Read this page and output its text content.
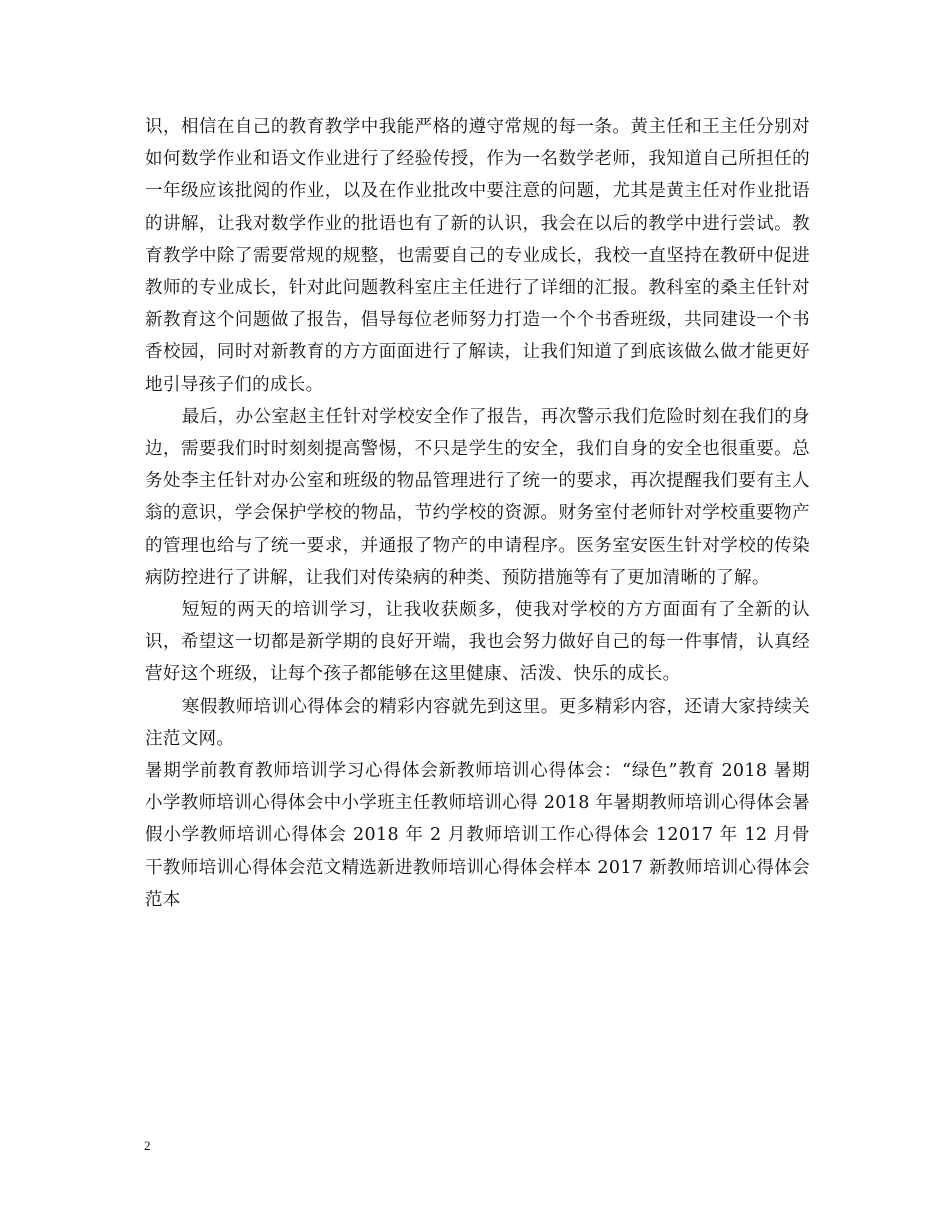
识，相信在自己的教育教学中我能严格的遵守常规的每一条。黄主任和王主任分别对如何数学作业和语文作业进行了经验传授，作为一名数学老师，我知道自己所担任的一年级应该批阅的作业，以及在作业批改中要注意的问题，尤其是黄主任对作业批语的讲解，让我对数学作业的批语也有了新的认识，我会在以后的教学中进行尝试。教育教学中除了需要常规的规整，也需要自己的专业成长，我校一直坚持在教研中促进教师的专业成长，针对此问题教科室庄主任进行了详细的汇报。教科室的桑主任针对新教育这个问题做了报告，倡导每位老师努力打造一个个书香班级，共同建设一个书香校园，同时对新教育的方方面面进行了解读，让我们知道了到底该做么做才能更好地引导孩子们的成长。

最后，办公室赵主任针对学校安全作了报告，再次警示我们危险时刻在我们的身边，需要我们时时刻刻提高警惕，不只是学生的安全，我们自身的安全也很重要。总务处李主任针对办公室和班级的物品管理进行了统一的要求，再次提醒我们要有主人翁的意识，学会保护学校的物品，节约学校的资源。财务室付老师针对学校重要物产的管理也给与了统一要求，并通报了物产的申请程序。医务室安医生针对学校的传染病防控进行了讲解，让我们对传染病的种类、预防措施等有了更加清晰的了解。

短短的两天的培训学习，让我收获颇多，使我对学校的方方面面有了全新的认识，希望这一切都是新学期的良好开端，我也会努力做好自己的每一件事情，认真经营好这个班级，让每个孩子都能够在这里健康、活泼、快乐的成长。

寒假教师培训心得体会的精彩内容就先到这里。更多精彩内容，还请大家持续关注范文网。

暑期学前教育教师培训学习心得体会新教师培训心得体会：“绿色”教育 2018 暑期小学教师培训心得体会中小学班主任教师培训心得 2018 年暑期教师培训心得体会暑假小学教师培训心得体会 2018 年 2 月教师培训工作心得体会 12017 年 12 月骨干教师培训心得体会范文精选新进教师培训心得体会样本 2017 新教师培训心得体会范本

2
